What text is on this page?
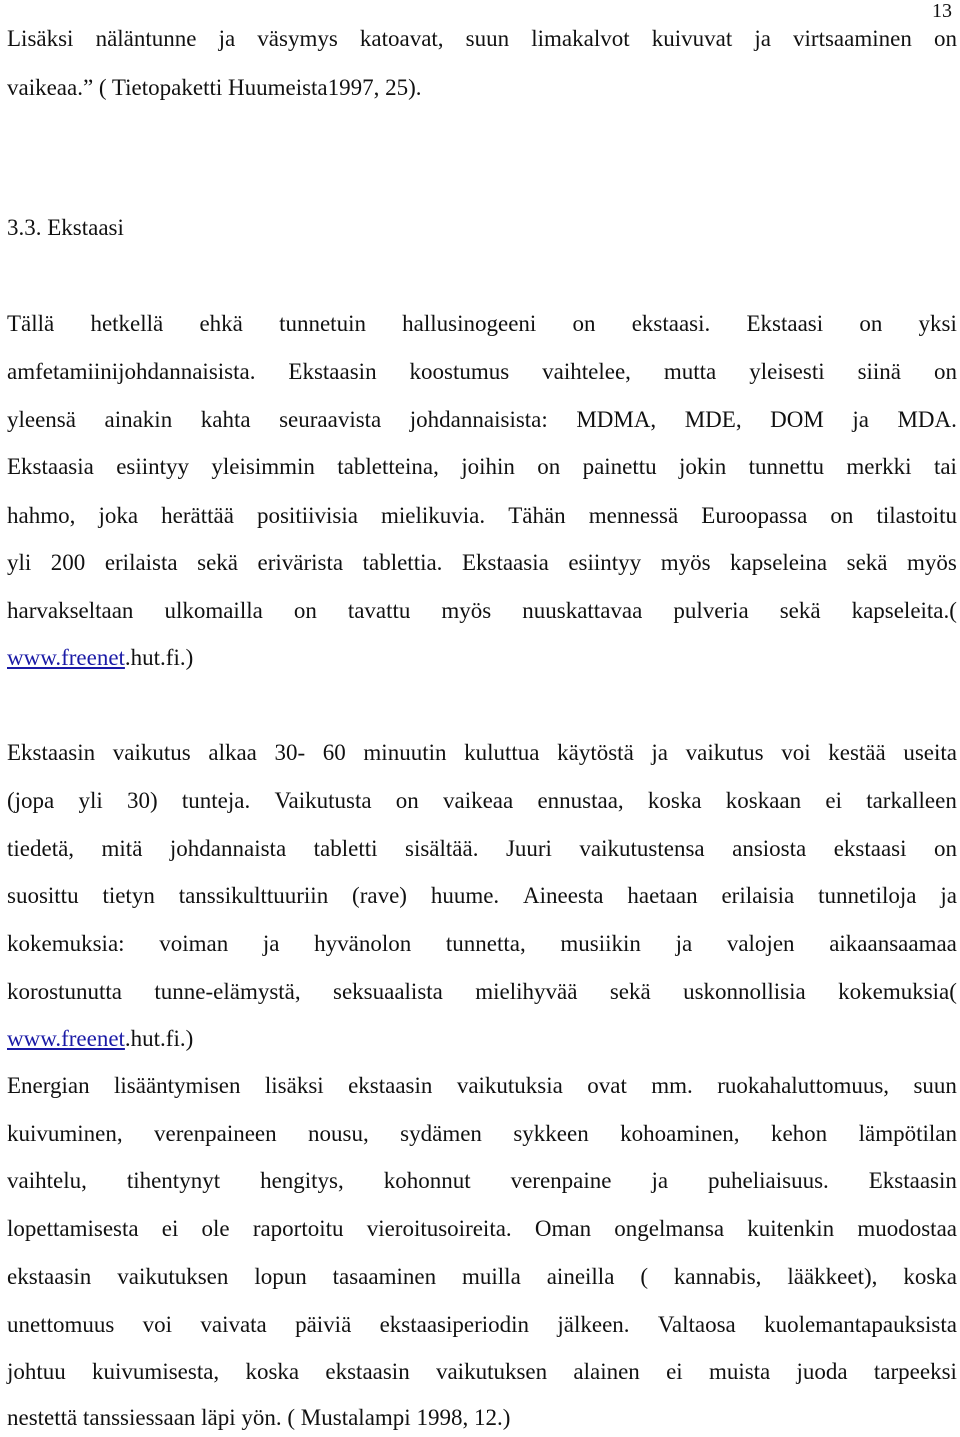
13
Lisäksi näläntunne ja väsymys katoavat, suun limakalvot kuivuvat ja virtsaaminen on
vaikeaa.” ( Tietopaketti Huumeista1997, 25).
3.3. Ekstaasi
Tällä hetkellä ehkä tunnetuin hallusinogeeni on ekstaasi. Ekstaasi on yksi
amfetamiinijohdannaisista. Ekstaasin koostumus vaihtelee, mutta yleisesti siinä on
yleensä ainakin kahta seuraavista johdannaisista: MDMA, MDE, DOM ja MDA.
Ekstaasia esiintyy yleisimmin tabletteina, joihin on painettu jokin tunnettu merkki tai
hahmo, joka herättää positiivisia mielikuvia. Tähän mennessä Euroopassa on tilastoitu
yli 200 erilaista sekä erivärista tablettia. Ekstaasia esiintyy myös kapseleina sekä myös
harvakseltaan ulkomailla on tavattu myös nuuskattavaa pulveria sekä kapseleita.(
www.freenet.hut.fi.)
Ekstaasin vaikutus alkaa 30- 60 minuutin kuluttua käytöstä ja vaikutus voi kestää useita
(jopa yli 30) tunteja. Vaikutusta on vaikeaa ennustaa, koska koskaan ei tarkalleen
tiedetä, mitä johdannaista tabletti sisältää. Juuri vaikutustensa ansiosta ekstaasi on
suosittu tietyn tanssikulttuuriin (rave) huume. Aineesta haetaan erilaisia tunnetiloja ja
kokemuksia: voiman ja hyvänolon tunnetta, musiikin ja valojen aikaansaamaa
korostunutta tunne-elämystä, seksuaalista mielihyvää sekä uskonnollisia kokemuksia(
www.freenet.hut.fi.)
Energian lisääntymisen lisäksi ekstaasin vaikutuksia ovat mm. ruokahaluttomuus, suun
kuivuminen, verenpaineen nousu, sydämen sykkeen kohoaminen, kehon lämpötilan
vaihtelu, tihentynyt hengitys, kohonnut verenpaine ja puheliaisuus. Ekstaasin
lopettamisesta ei ole raportoitu vieroitusoireita. Oman ongelmansa kuitenkin muodostaa
ekstaasin vaikutuksen lopun tasaaminen muilla aineilla ( kannabis, lääkkeet), koska
unettomuus voi vaivata päiviä ekstaasiperiodin jälkeen. Valtaosa kuolemantapauksista
johtuu kuivumisesta, koska ekstaasin vaikutuksen alainen ei muista juoda tarpeeksi
nestettä tanssiessaan läpi yön. ( Mustalampi 1998, 12.)
